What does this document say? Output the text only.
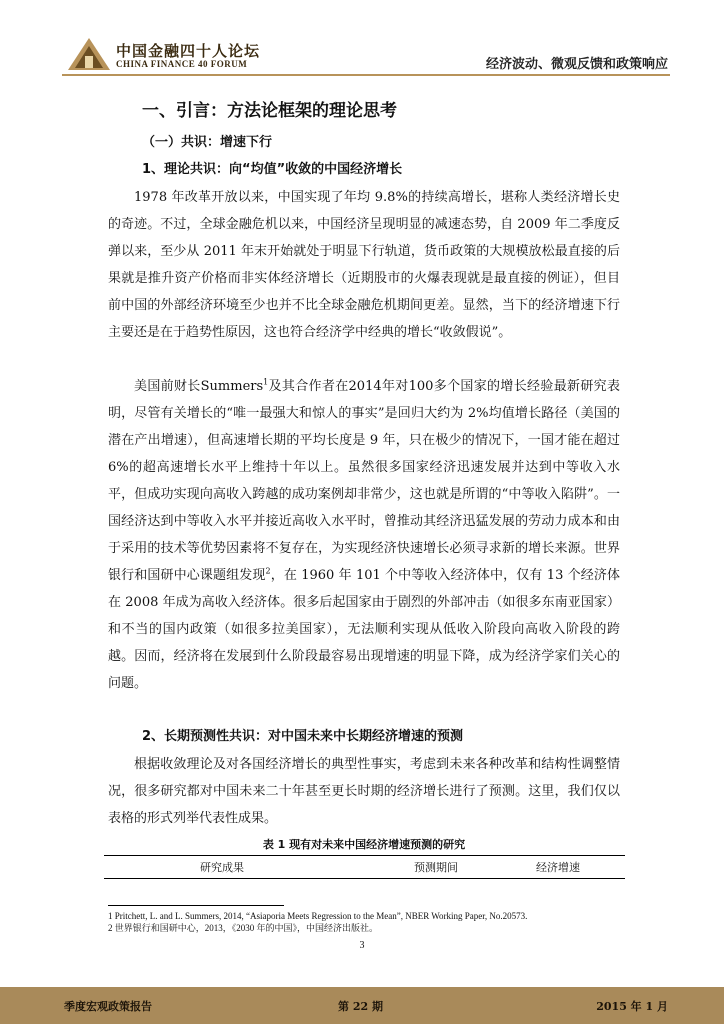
中国金融四十人论坛
CHINA FINANCE 40 FORUM	经济波动、微观反馈和政策响应
一、引言：方法论框架的理论思考
（一）共识：增速下行
1、理论共识：向“均值”收敛的中国经济增长

1978 年改革开放以来，中国实现了年均 9.8%的持续高增长，堪称人类经济增长史的奇迹。不过，全球金融危机以来，中国经济呈现明显的减速态势，自 2009 年二季度反弹以来，至少从 2011 年末开始就处于明显下行轨道，货币政策的大规模放松最直接的后果就是推升资产价格而非实体经济增长（近期股市的火爆表现就是最直接的例证），但目前中国的外部经济环境至少也并不比全球金融危机期间更差。显然，当下的经济增速下行主要还是在于趋势性原因，这也符合经济学中经典的增长“收敛假说”。

美国前财长Summers$^1$及其合作者在2014年对100多个国家的增长经验最新研究表明，尽管有关增长的“唯一最强大和惊人的事实”是回归大约为 2%均值增长路径（美国的潜在产出增速），但高速增长期的平均长度是 9 年，只在极少的情况下，一国才能在超过 6%的超高速增长水平上维持十年以上。虽然很多国家经济迅速发展并达到中等收入水平，但成功实现向高收入跨越的成功案例却非常少，这也就是所谓的“中等收入陷阱”。一国经济达到中等收入水平并接近高收入水平时，曾推动其经济迅猛发展的劳动力成本和由于采用的技术等优势因素将不复存在，为实现经济快速增长必须寻求新的增长来源。世界银行和国研中心课题组发现$^2$，在 1960 年 101 个中等收入经济体中，仅有 13 个经济体在 2008 年成为高收入经济体。很多后起国家由于剧烈的外部冲击（如很多东南亚国家）和不当的国内政策（如很多拉美国家），无法顺利实现从低收入阶段向高收入阶段的跨越。因而，经济将在发展到什么阶段最容易出现增速的明显下降，成为经济学家们关心的问题。

2、长期预测性共识：对中国未来中长期经济增速的预测

根据收敛理论及对各国经济增长的典型性事实，考虑到未来各种改革和结构性调整情况，很多研究都对中国未来二十年甚至更长时期的经济增长进行了预测。这里，我们仅以表格的形式列举代表性成果。

表 1 现有对未来中国经济增速预测的研究
研究成果	预测期间	经济增速
1 Pritchett, L. and L. Summers, 2014, “Asiaporia Meets Regression to the Mean”, NBER Working Paper, No.20573.
2 世界银行和国研中心，2013，《2030 年的中国》，中国经济出版社。
3
季度宏观政策报告	第 22 期	2015 年 1 月
